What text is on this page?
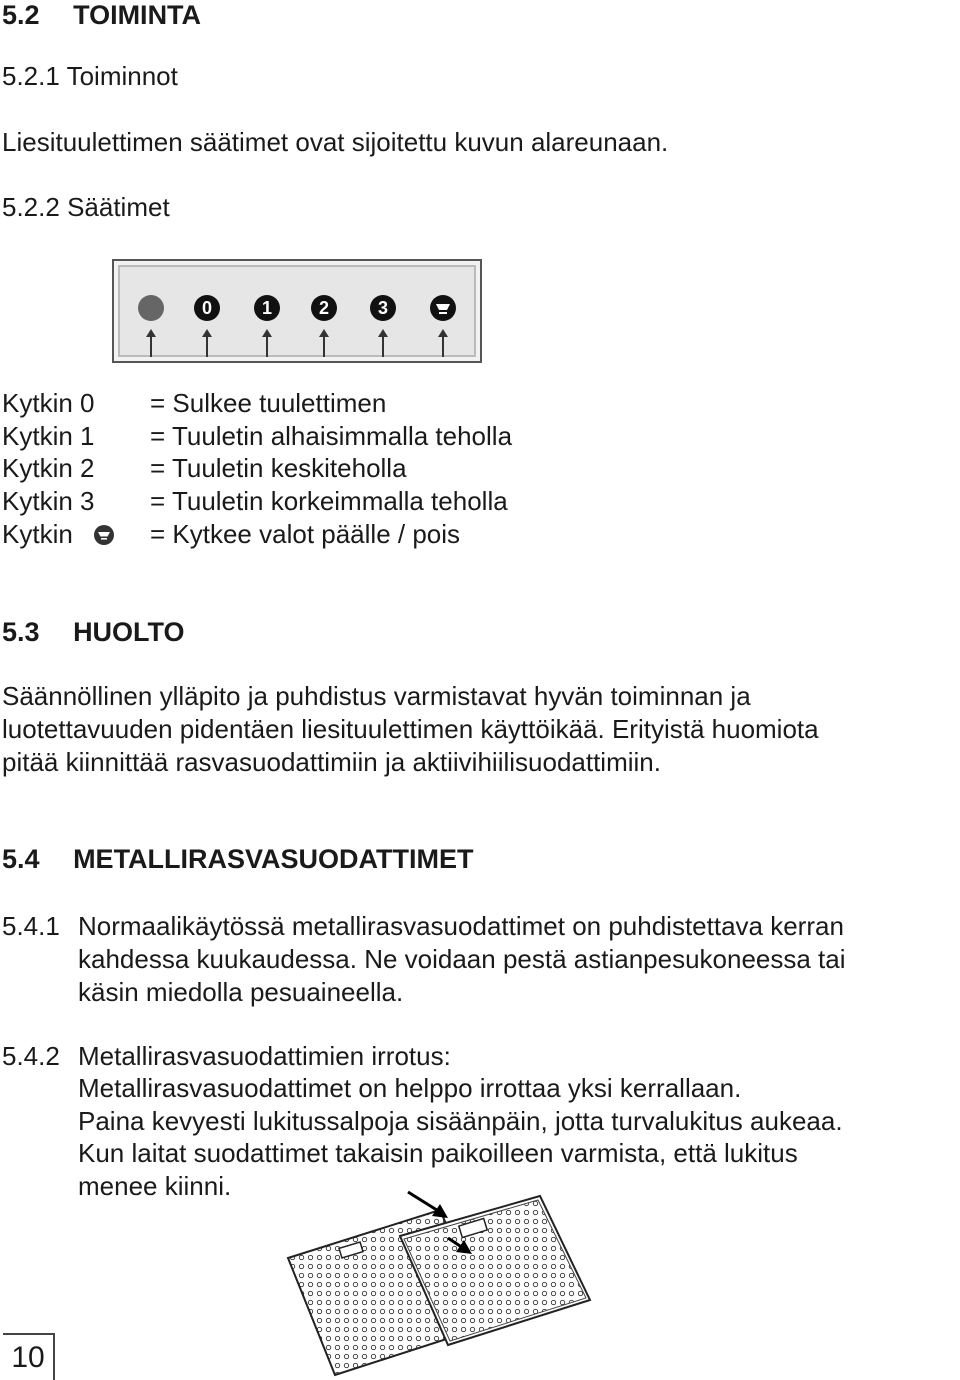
5.2 TOIMINTA
5.2.1 Toiminnot
Liesituulettimen säätimet ovat sijoitettu kuvun alareunaan.
5.2.2 Säätimet
0	1	2	3
Kytkin 0 = Sulkee tuulettimen
Kytkin 1 = Tuuletin alhaisimmalla teholla
Kytkin 2 = Tuuletin keskiteholla
Kytkin 3 = Tuuletin korkeimmalla teholla
Kytkin	= Kytkee valot päälle / pois
5.3 HUOLTO
Säännöllinen ylläpito ja puhdistus varmistavat hyvän toiminnan ja
luotettavuuden pidentäen liesituulettimen käyttöikää. Erityistä huomiota
pitää kiinnittää rasvasuodattimiin ja aktiivihiilisuodattimiin.
5.4 METALLIRASVASUODATTIMET
5.4.1 Normaalikäytössä metallirasvasuodattimet on puhdistettava kerran
kahdessa kuukaudessa. Ne voidaan pestä astianpesukoneessa tai
käsin miedolla pesuaineella.
5.4.2 Metallirasvasuodattimien irrotus:
Metallirasvasuodattimet on helppo irrottaa yksi kerrallaan.
Paina kevyesti lukitussalpoja sisäänpäin, jotta turvalukitus aukeaa.
Kun laitat suodattimet takaisin paikoilleen varmista, että lukitus
menee kiinni.
10
